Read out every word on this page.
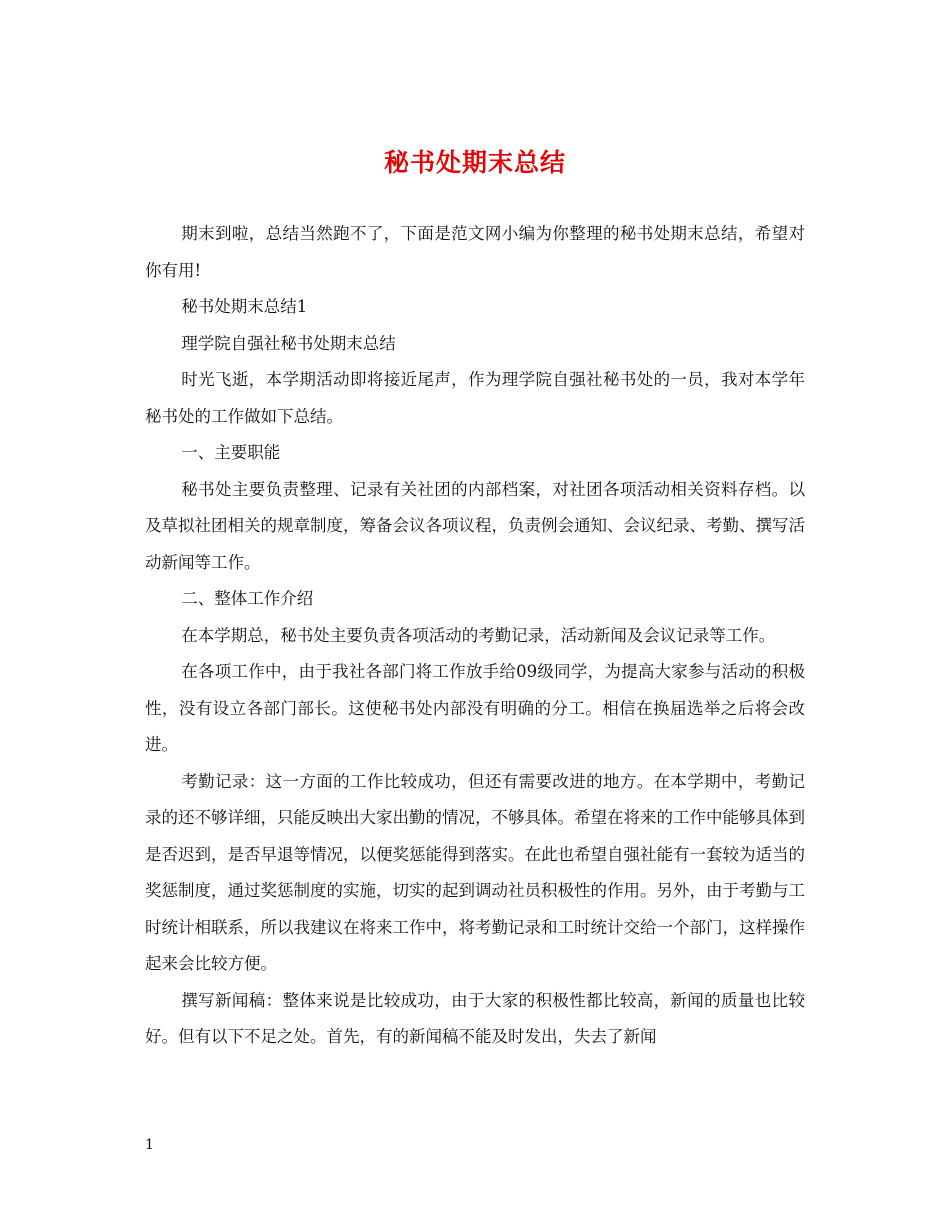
秘书处期末总结

期末到啦，总结当然跑不了，下面是范文网小编为你整理的秘书处期末总结，希望对你有用!

秘书处期末总结1

理学院自强社秘书处期末总结

时光飞逝，本学期活动即将接近尾声，作为理学院自强社秘书处的一员，我对本学年秘书处的工作做如下总结。

一、主要职能

秘书处主要负责整理、记录有关社团的内部档案，对社团各项活动相关资料存档。以及草拟社团相关的规章制度，筹备会议各项议程，负责例会通知、会议纪录、考勤、撰写活动新闻等工作。

二、整体工作介绍

在本学期总，秘书处主要负责各项活动的考勤记录，活动新闻及会议记录等工作。

在各项工作中，由于我社各部门将工作放手给09级同学，为提高大家参与活动的积极性，没有设立各部门部长。这使秘书处内部没有明确的分工。相信在换届选举之后将会改进。

考勤记录：这一方面的工作比较成功，但还有需要改进的地方。在本学期中，考勤记录的还不够详细，只能反映出大家出勤的情况，不够具体。希望在将来的工作中能够具体到是否迟到，是否早退等情况，以便奖惩能得到落实。在此也希望自强社能有一套较为适当的奖惩制度，通过奖惩制度的实施，切实的起到调动社员积极性的作用。另外，由于考勤与工时统计相联系，所以我建议在将来工作中，将考勤记录和工时统计交给一个部门，这样操作起来会比较方便。

撰写新闻稿：整体来说是比较成功，由于大家的积极性都比较高，新闻的质量也比较好。但有以下不足之处。首先，有的新闻稿不能及时发出，失去了新闻

1
